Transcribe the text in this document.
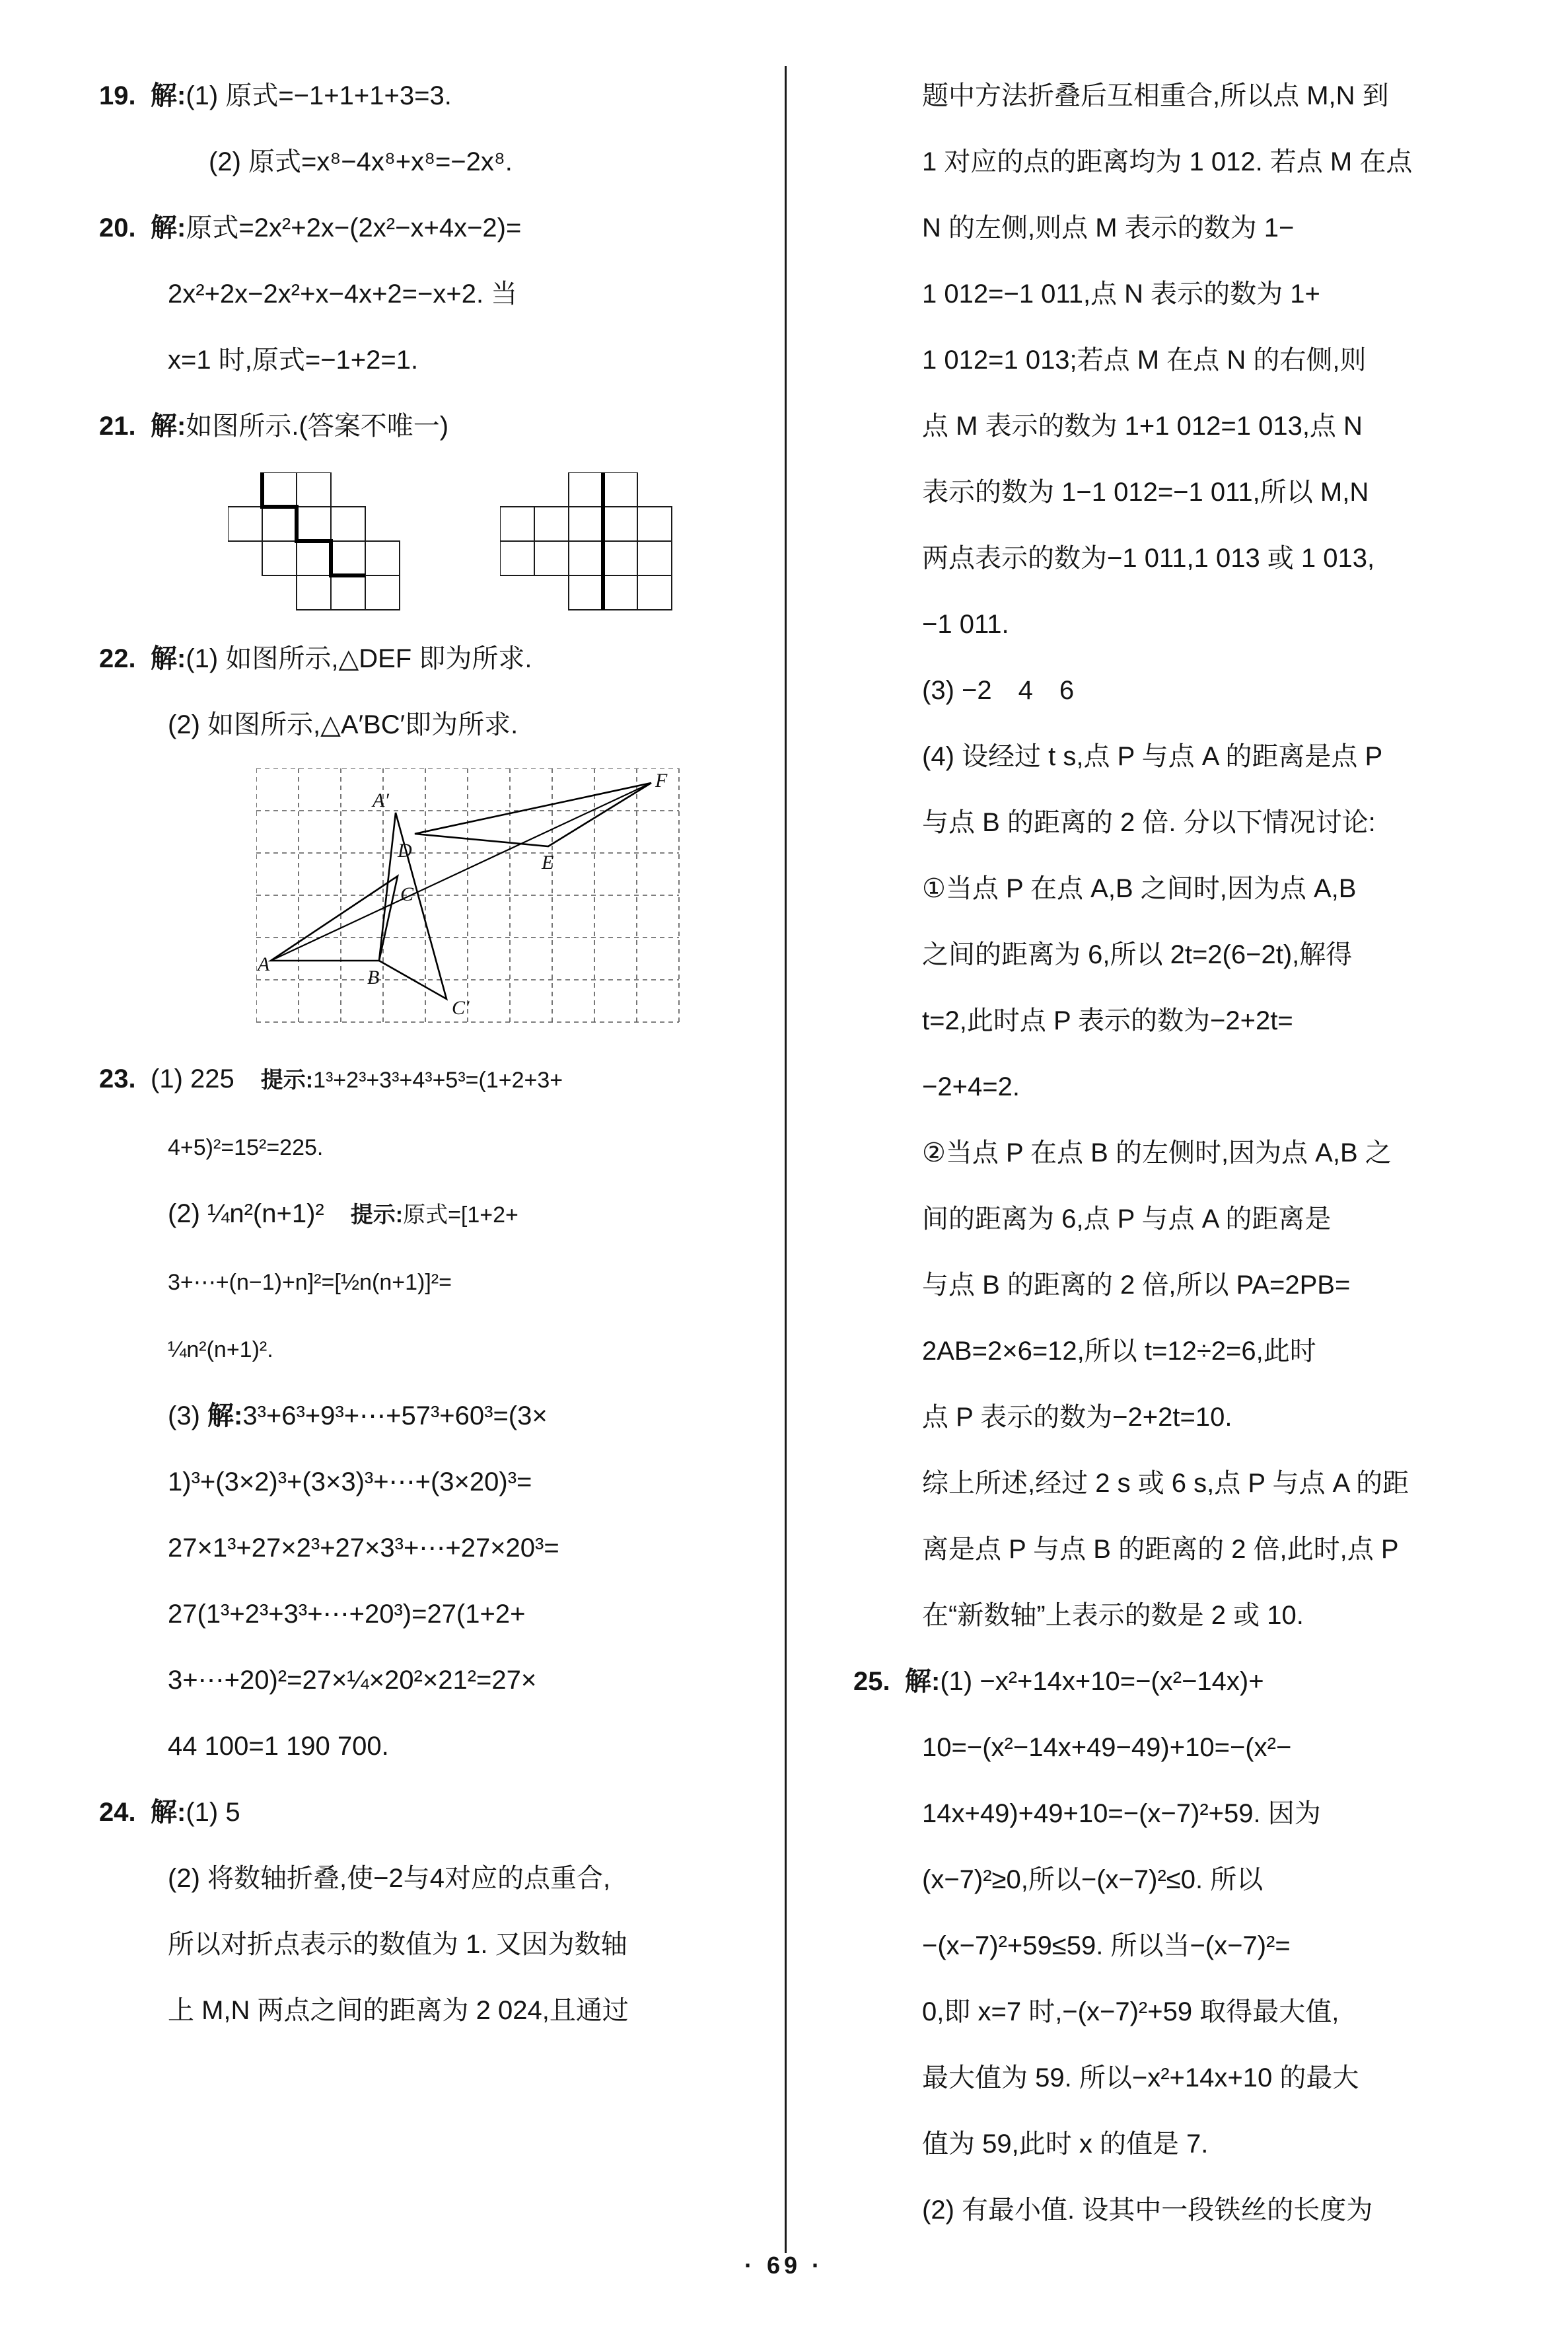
19. 解:(1) 原式=−1+1+1+3=3.
(2) 原式=x⁸−4x⁸+x⁸=−2x⁸.
20. 解:原式=2x²+2x−(2x²−x+4x−2)=
2x²+2x−2x²+x−4x+2=−x+2. 当
x=1 时,原式=−1+2=1.
21. 解:如图所示.(答案不唯一)
22. 解:(1) 如图所示,△DEF 即为所求.
(2) 如图所示,△A′BC′即为所求.
A
B
C
A′
C′
D
E
F
23. (1) 225　提示:1³+2³+3³+4³+5³=(1+2+3+
4+5)²=15²=225.
(2) ¼n²(n+1)²　提示:原式=[1+2+
3+⋯+(n−1)+n]²=[½n(n+1)]²=
¼n²(n+1)².
(3) 解:3³+6³+9³+⋯+57³+60³=(3×
1)³+(3×2)³+(3×3)³+⋯+(3×20)³=
27×1³+27×2³+27×3³+⋯+27×20³=
27(1³+2³+3³+⋯+20³)=27(1+2+
3+⋯+20)²=27×¼×20²×21²=27×
44 100=1 190 700.
24. 解:(1) 5
(2) 将数轴折叠,使−2与4对应的点重合,
所以对折点表示的数值为 1. 又因为数轴
上 M,N 两点之间的距离为 2 024,且通过
题中方法折叠后互相重合,所以点 M,N 到
1 对应的点的距离均为 1 012. 若点 M 在点
N 的左侧,则点 M 表示的数为 1−
1 012=−1 011,点 N 表示的数为 1+
1 012=1 013;若点 M 在点 N 的右侧,则
点 M 表示的数为 1+1 012=1 013,点 N
表示的数为 1−1 012=−1 011,所以 M,N
两点表示的数为−1 011,1 013 或 1 013,
−1 011.
(3) −2　4　6
(4) 设经过 t s,点 P 与点 A 的距离是点 P
与点 B 的距离的 2 倍. 分以下情况讨论:
①当点 P 在点 A,B 之间时,因为点 A,B
之间的距离为 6,所以 2t=2(6−2t),解得
t=2,此时点 P 表示的数为−2+2t=
−2+4=2.
②当点 P 在点 B 的左侧时,因为点 A,B 之
间的距离为 6,点 P 与点 A 的距离是
与点 B 的距离的 2 倍,所以 PA=2PB=
2AB=2×6=12,所以 t=12÷2=6,此时
点 P 表示的数为−2+2t=10.
综上所述,经过 2 s 或 6 s,点 P 与点 A 的距
离是点 P 与点 B 的距离的 2 倍,此时,点 P
在“新数轴”上表示的数是 2 或 10.
25. 解:(1) −x²+14x+10=−(x²−14x)+
10=−(x²−14x+49−49)+10=−(x²−
14x+49)+49+10=−(x−7)²+59. 因为
(x−7)²≥0,所以−(x−7)²≤0. 所以
−(x−7)²+59≤59. 所以当−(x−7)²=
0,即 x=7 时,−(x−7)²+59 取得最大值,
最大值为 59. 所以−x²+14x+10 的最大
值为 59,此时 x 的值是 7.
(2) 有最小值. 设其中一段铁丝的长度为
· 69 ·
